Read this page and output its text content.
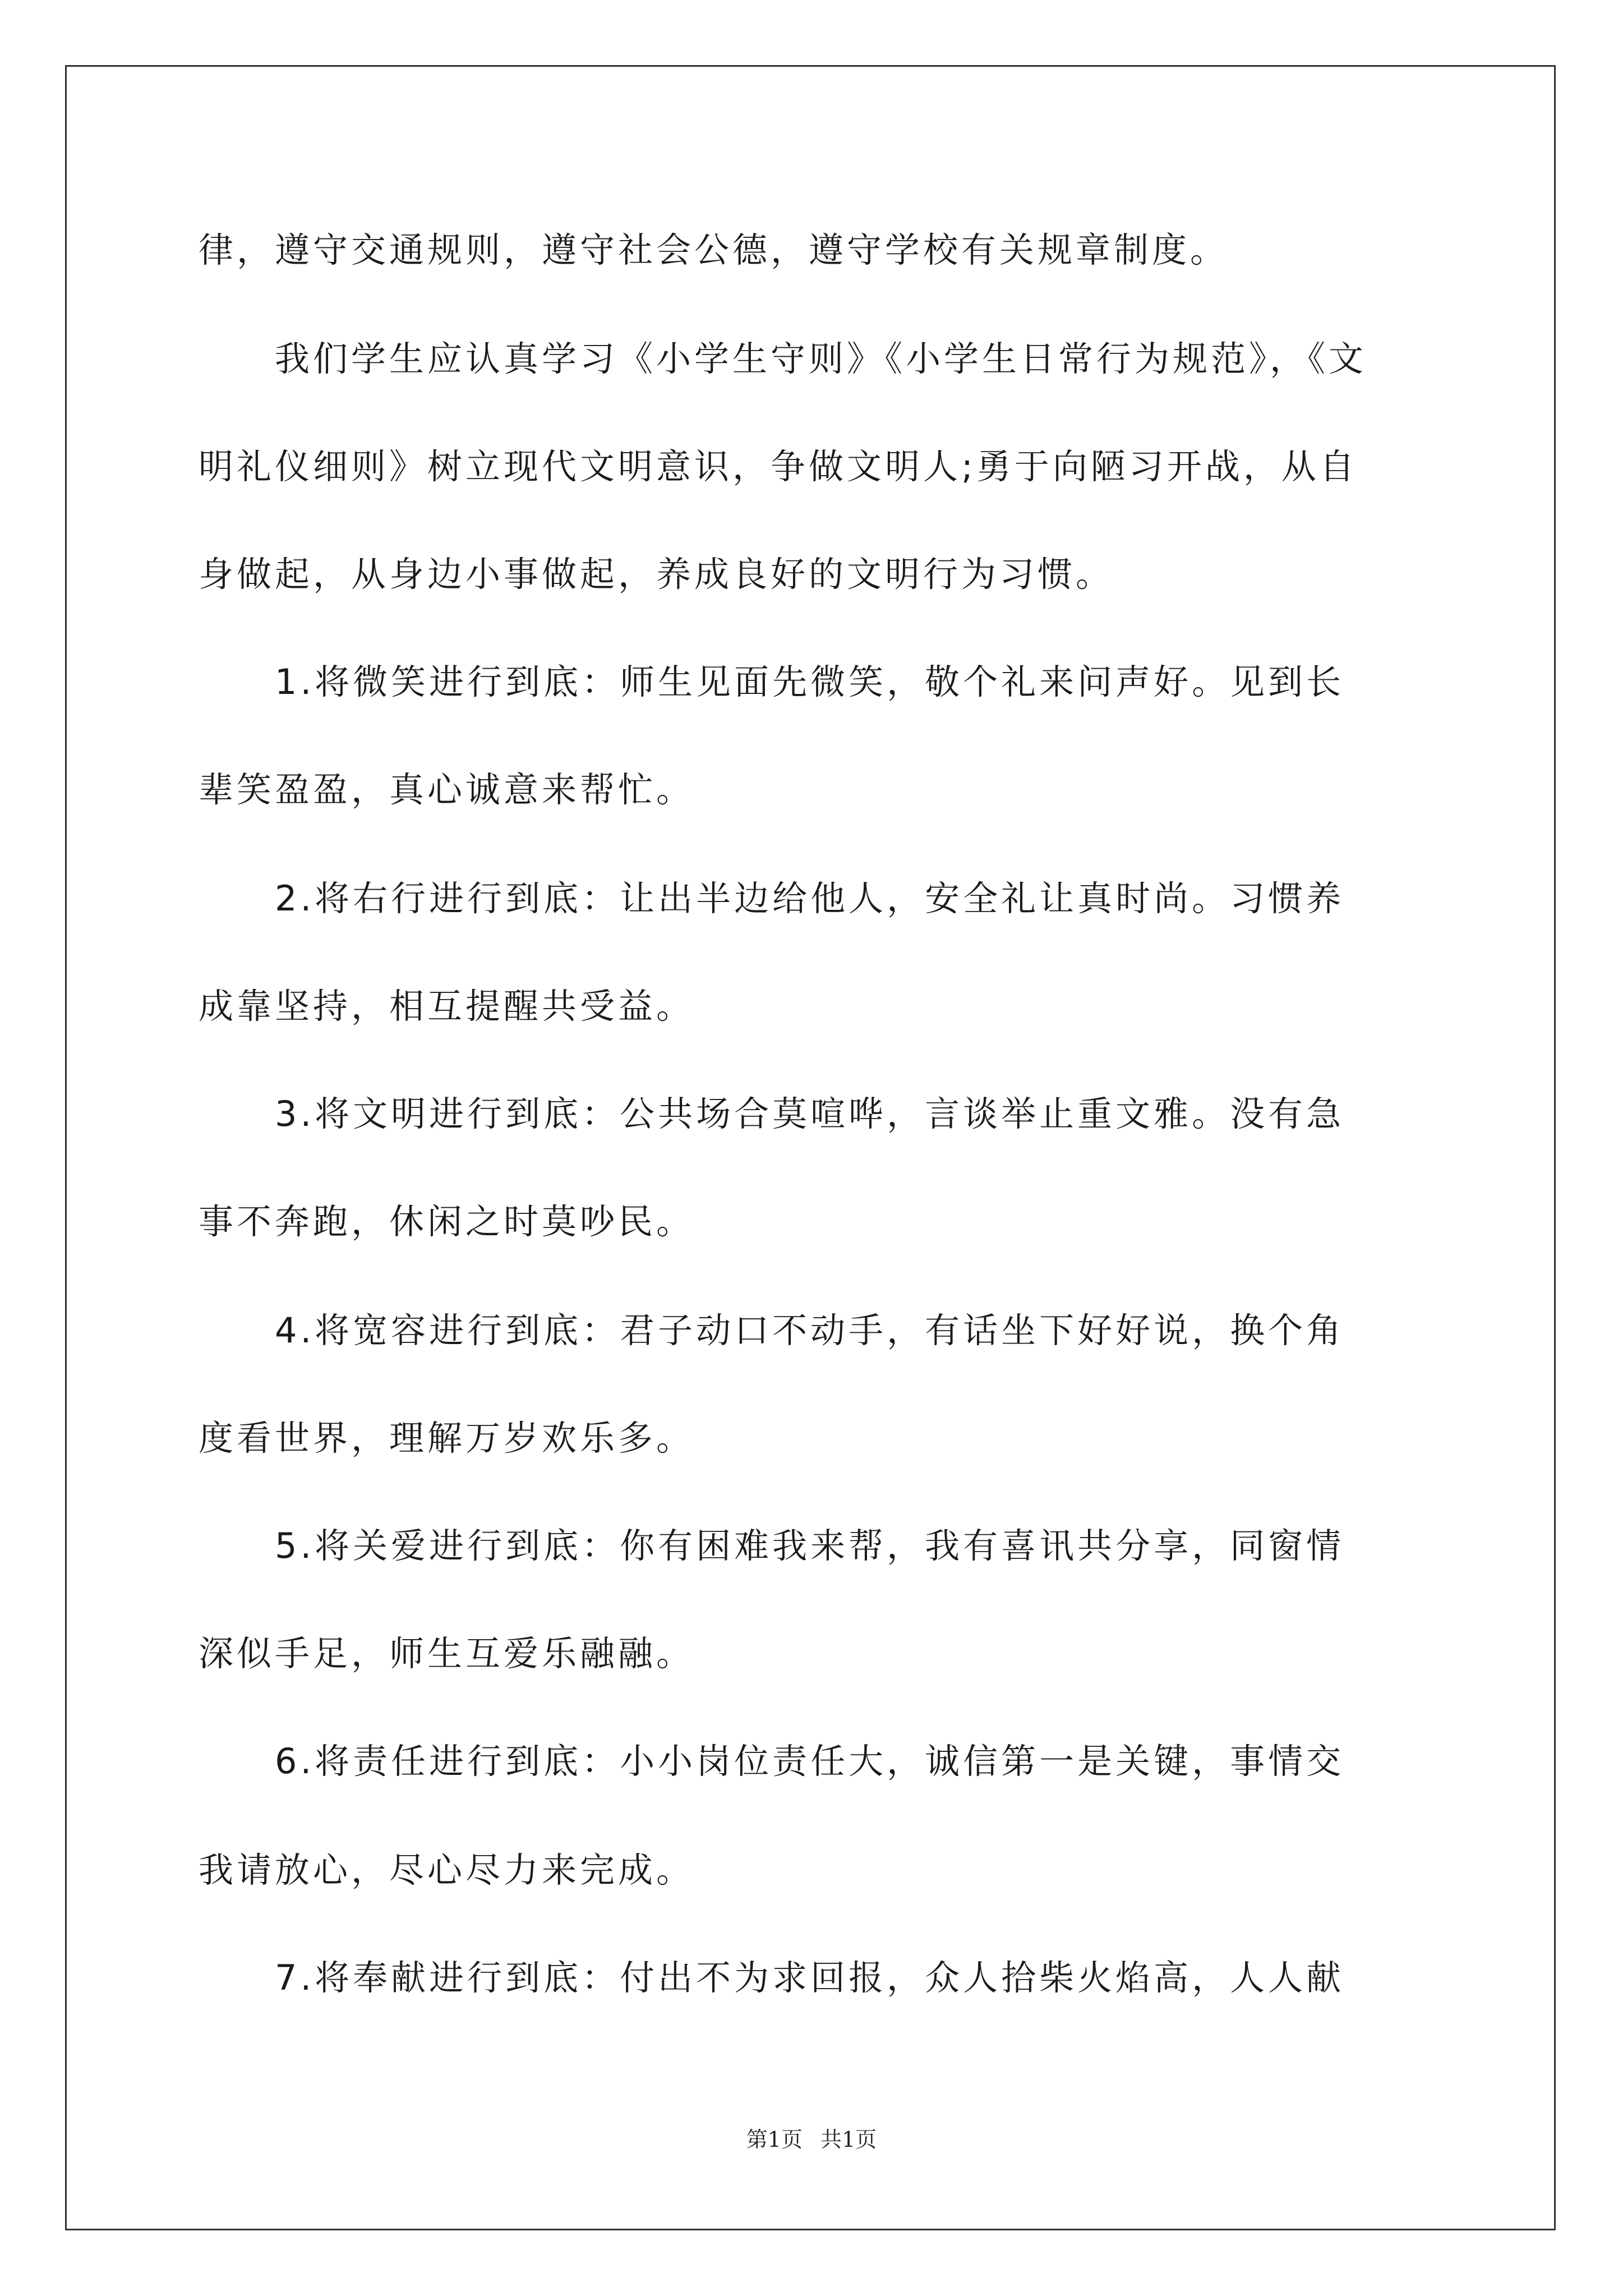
律，遵守交通规则，遵守社会公德，遵守学校有关规章制度。
　　我们学生应认真学习《小学生守则》《小学生日常行为规范》，《文
明礼仪细则》树立现代文明意识，争做文明人;勇于向陋习开战，从自
身做起，从身边小事做起，养成良好的文明行为习惯。
　　1.将微笑进行到底：师生见面先微笑，敬个礼来问声好。见到长
辈笑盈盈，真心诚意来帮忙。
　　2.将右行进行到底：让出半边给他人，安全礼让真时尚。习惯养
成靠坚持，相互提醒共受益。
　　3.将文明进行到底：公共场合莫喧哗，言谈举止重文雅。没有急
事不奔跑，休闲之时莫吵民。
　　4.将宽容进行到底：君子动口不动手，有话坐下好好说，换个角
度看世界，理解万岁欢乐多。
　　5.将关爱进行到底：你有困难我来帮，我有喜讯共分享，同窗情
深似手足，师生互爱乐融融。
　　6.将责任进行到底：小小岗位责任大，诚信第一是关键，事情交
我请放心，尽心尽力来完成。
　　7.将奉献进行到底：付出不为求回报，众人拾柴火焰高，人人献
第1页 共1页
